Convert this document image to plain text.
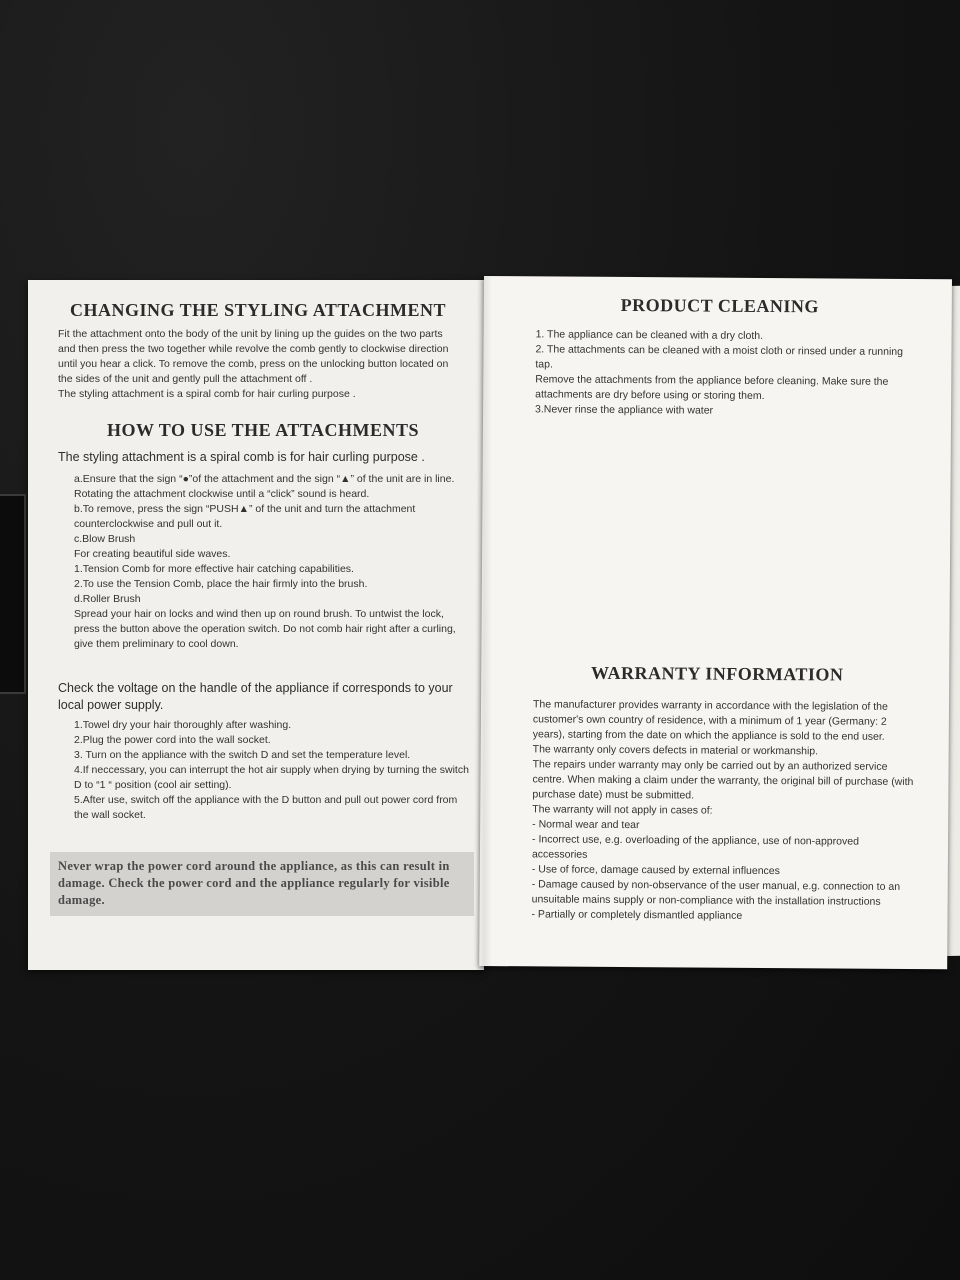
CHANGING THE STYLING ATTACHMENT

Fit the attachment onto the body of the unit by lining up the guides on the two parts and then press the two together while revolve the comb gently to clockwise direction until you hear a click. To remove the comb, press on the unlocking button located on the sides of the unit and gently pull the attachment off .

The styling attachment is a spiral comb for hair curling purpose .

HOW TO USE THE ATTACHMENTS

The styling attachment is a spiral comb is for hair curling purpose .

a.Ensure that the sign “●”of the attachment and the sign “▲” of the unit are in line. Rotating the attachment clockwise until a “click” sound is heard.

b.To remove, press the sign “PUSH▲” of the unit and turn the attachment counterclockwise and pull out it.

c.Blow Brush

For creating beautiful side waves.

1.Tension Comb for more effective hair catching capabilities.

2.To use the Tension Comb, place the hair firmly into the brush.

d.Roller Brush

Spread your hair on locks and wind then up on round brush. To untwist the lock, press the button above the operation switch. Do not comb hair right after a curling, give them preliminary to cool down.

Check the voltage on the handle of the appliance if corresponds to your local power supply.

1.Towel dry your hair thoroughly after washing.

2.Plug the power cord into the wall socket.

3. Turn on the appliance with the switch D and set the temperature level.

4.If neccessary, you can interrupt the hot air supply when drying by turning the switch D to “1 “ position (cool air setting).

5.After use, switch off the appliance with the D button and pull out power cord from the wall socket.

Never wrap the power cord around the appliance, as this can result in damage. Check the power cord and the appliance regularly for visible damage.

PRODUCT CLEANING

1. The appliance can be cleaned with a dry cloth.

2. The attachments can be cleaned with a moist cloth or rinsed under a running tap.

Remove the attachments from the appliance before cleaning. Make sure the attachments are dry before using or storing them.

3.Never rinse the appliance with water

WARRANTY INFORMATION

The manufacturer provides warranty in accordance with the legislation of the customer's own country of residence, with a minimum of 1 year (Germany: 2 years), starting from the date on which the appliance is sold to the end user.

The warranty only covers defects in material or workmanship.

The repairs under warranty may only be carried out by an authorized service centre. When making a claim under the warranty, the original bill of purchase (with purchase date) must be submitted.

The warranty will not apply in cases of:

- Normal wear and tear

- Incorrect use, e.g. overloading of the appliance, use of non-approved accessories

- Use of force, damage caused by external influences

- Damage caused by non-observance of the user manual, e.g. connection to an unsuitable mains supply or non-compliance with the installation instructions

- Partially or completely dismantled appliance
